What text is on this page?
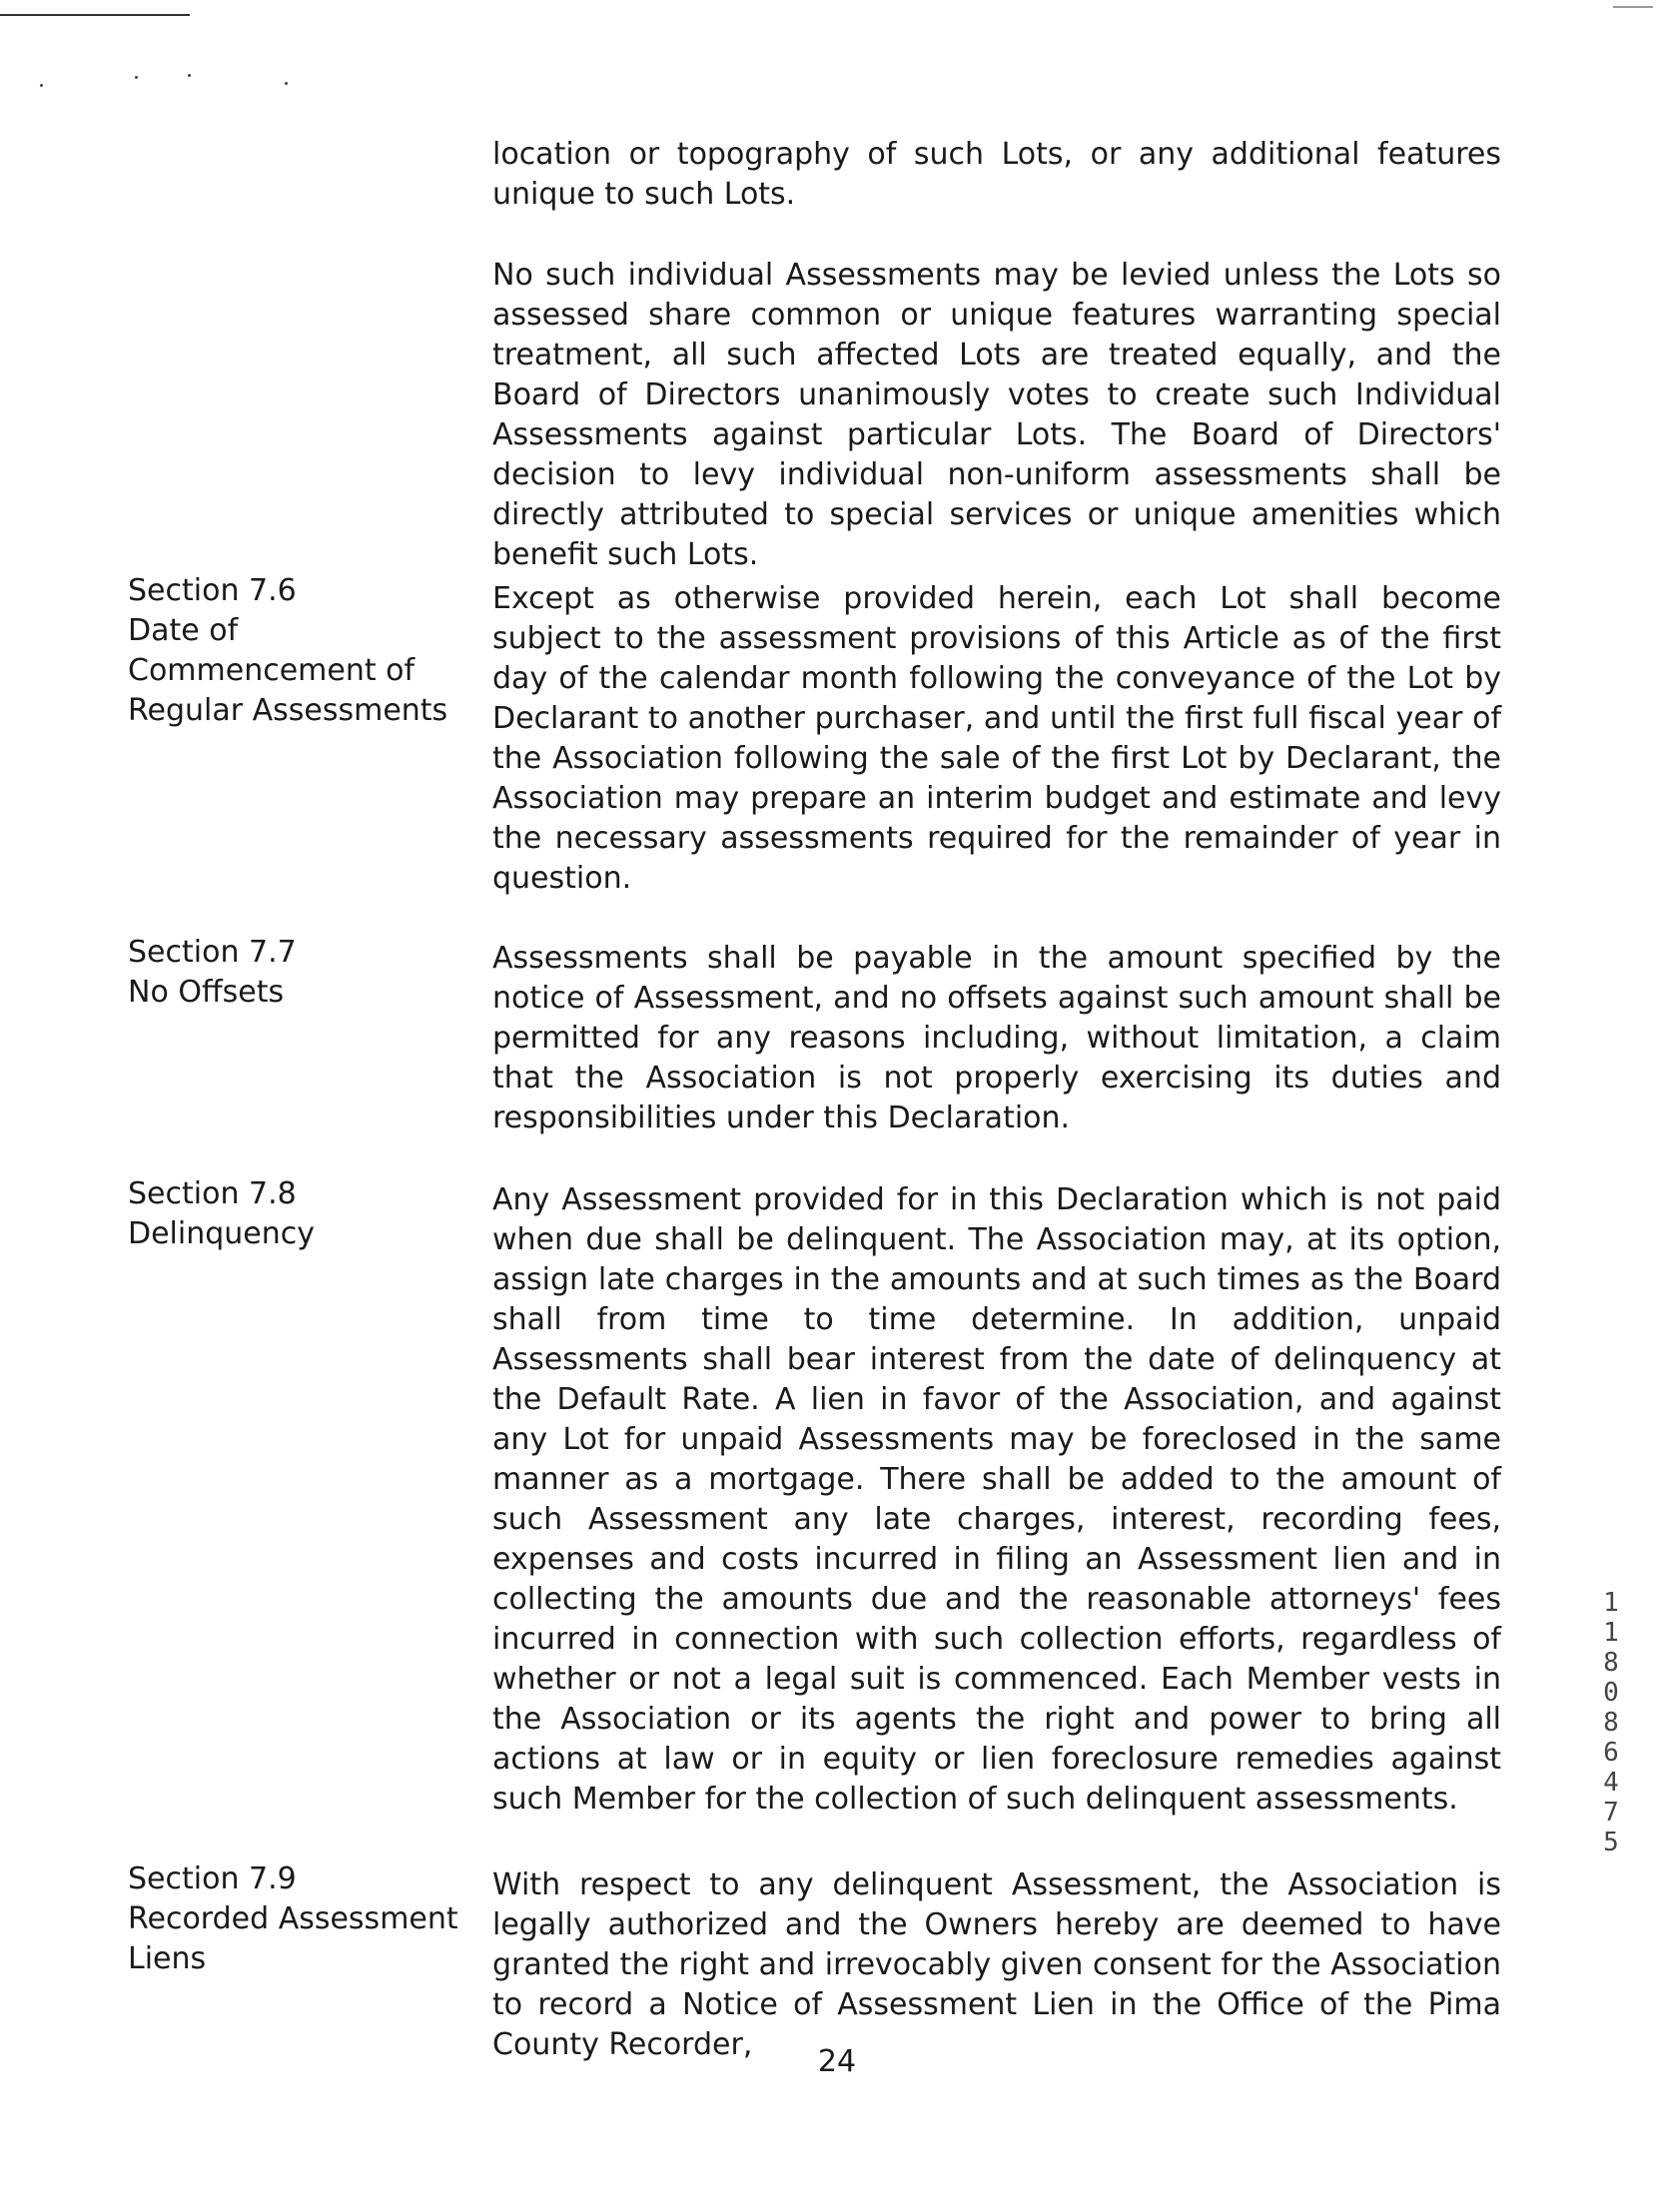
location or topography of such Lots, or any additional features unique to such Lots.

No such individual Assessments may be levied unless the Lots so assessed share common or unique features warranting special treatment, all such affected Lots are treated equally, and the Board of Directors unanimously votes to create such Individual Assessments against particular Lots. The Board of Directors' decision to levy individual non-uniform assessments shall be directly attributed to special services or unique amenities which benefit such Lots.

Section 7.6
Date of
Commencement of
Regular Assessments

Except as otherwise provided herein, each Lot shall become subject to the assessment provisions of this Article as of the first day of the calendar month following the conveyance of the Lot by Declarant to another purchaser, and until the first full fiscal year of the Association following the sale of the first Lot by Declarant, the Association may prepare an interim budget and estimate and levy the necessary assessments required for the remainder of year in question.

Section 7.7
No Offsets

Assessments shall be payable in the amount specified by the notice of Assessment, and no offsets against such amount shall be permitted for any reasons including, without limitation, a claim that the Association is not properly exercising its duties and responsibilities under this Declaration.

Section 7.8
Delinquency

Any Assessment provided for in this Declaration which is not paid when due shall be delinquent. The Association may, at its option, assign late charges in the amounts and at such times as the Board shall from time to time determine. In addition, unpaid Assessments shall bear interest from the date of delinquency at the Default Rate. A lien in favor of the Association, and against any Lot for unpaid Assessments may be foreclosed in the same manner as a mortgage. There shall be added to the amount of such Assessment any late charges, interest, recording fees, expenses and costs incurred in filing an Assessment lien and in collecting the amounts due and the reasonable attorneys' fees incurred in connection with such collection efforts, regardless of whether or not a legal suit is commenced. Each Member vests in the Association or its agents the right and power to bring all actions at law or in equity or lien foreclosure remedies against such Member for the collection of such delinquent assessments.

Section 7.9
Recorded Assessment
Liens

With respect to any delinquent Assessment, the Association is legally authorized and the Owners hereby are deemed to have granted the right and irrevocably given consent for the Association to record a Notice of Assessment Lien in the Office of the Pima County Recorder,	24
11808 6475
